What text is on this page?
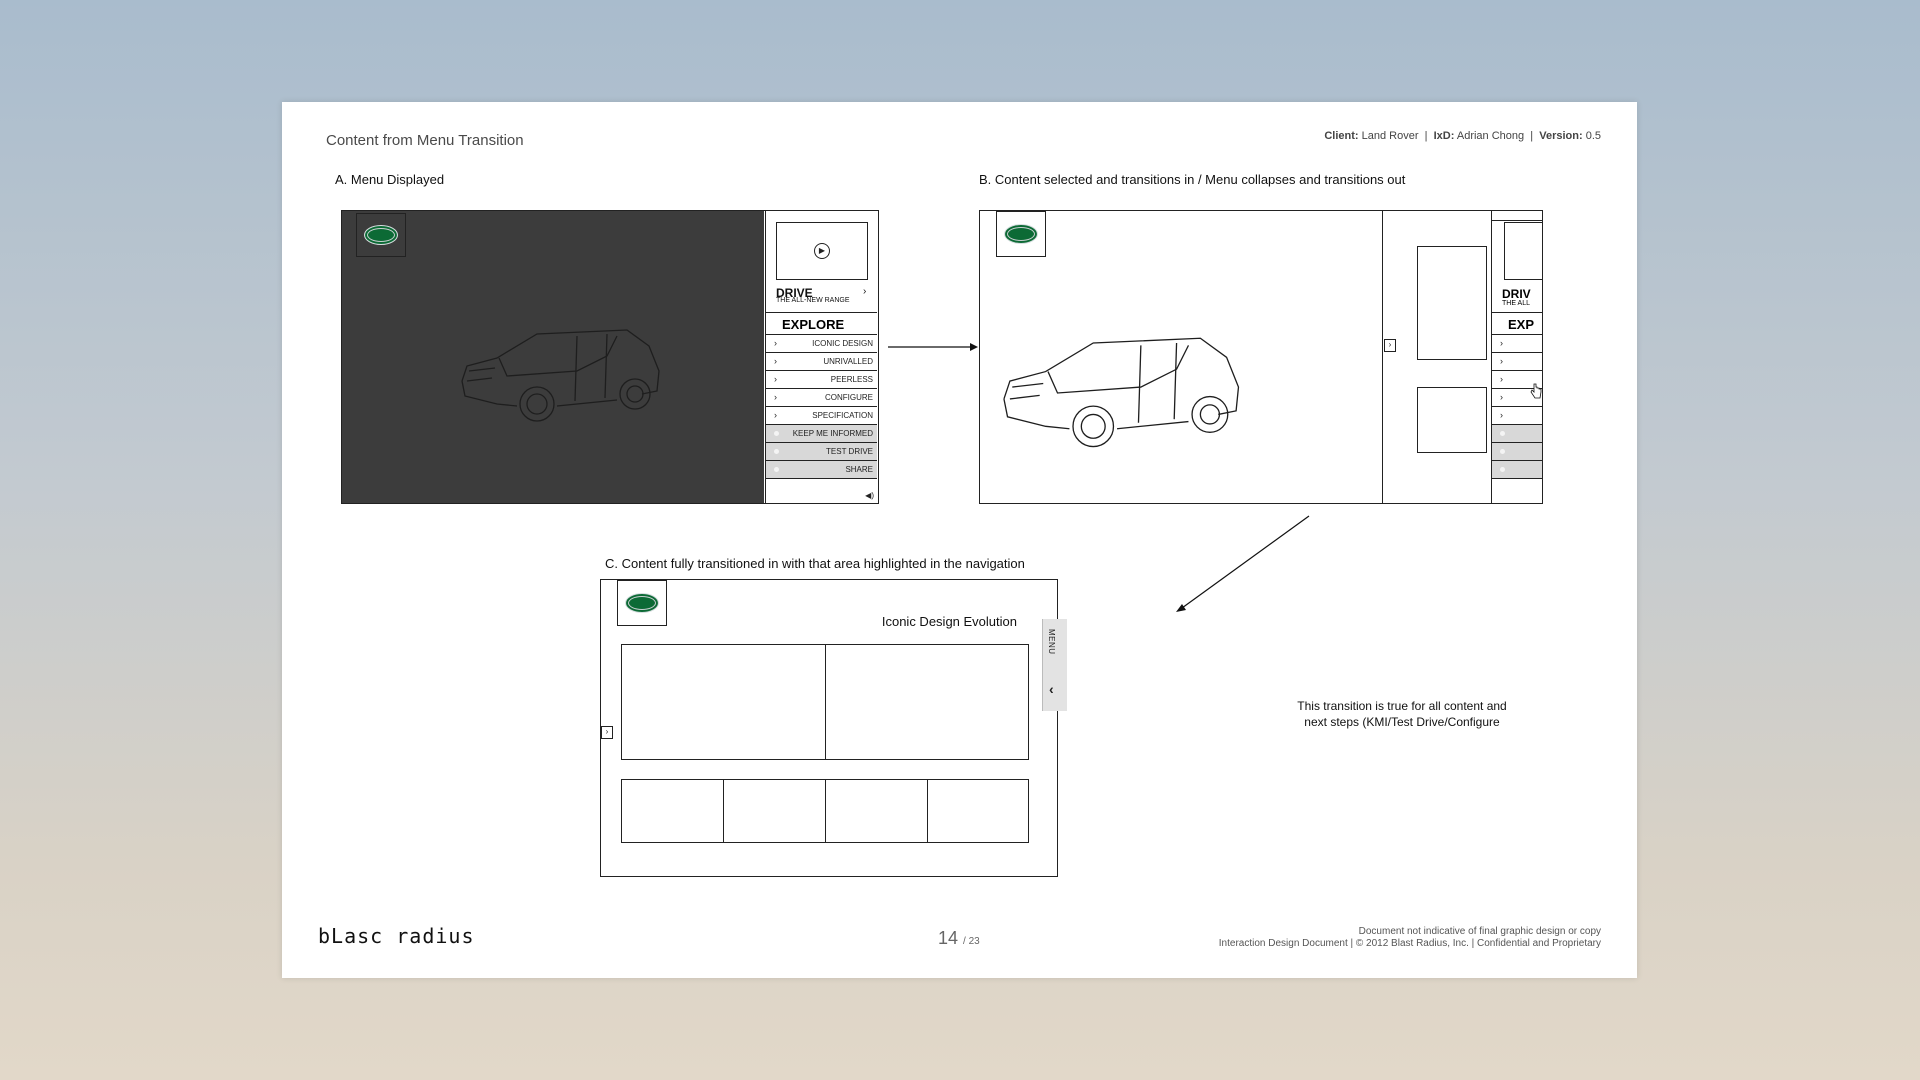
Content from Menu Transition	Client: Land Rover  |  IxD: Adrian Chong  |  Version: 0.5
A. Menu Displayed
▶
DRIVE
THE ALL-NEW RANGE
›
EXPLORE
›	ICONIC DESIGN
›	UNRIVALLED
›	PEERLESS
›	CONFIGURE
›	SPECIFICATION
KEEP ME INFORMED
TEST DRIVE
SHARE
◀)
B. Content selected and transitions in / Menu collapses and transitions out
›
DRIV
THE ALL
EXP
›
›
›
›
›
C. Content fully transitioned in with that area highlighted in the navigation
Iconic Design Evolution
›
MENU
‹
This transition is true for all content and
next steps (KMI/Test Drive/Configure
bLasc radius	14 / 23
Document not indicative of final graphic design or copy
Interaction Design Document | © 2012 Blast Radius, Inc. | Confidential and Proprietary
